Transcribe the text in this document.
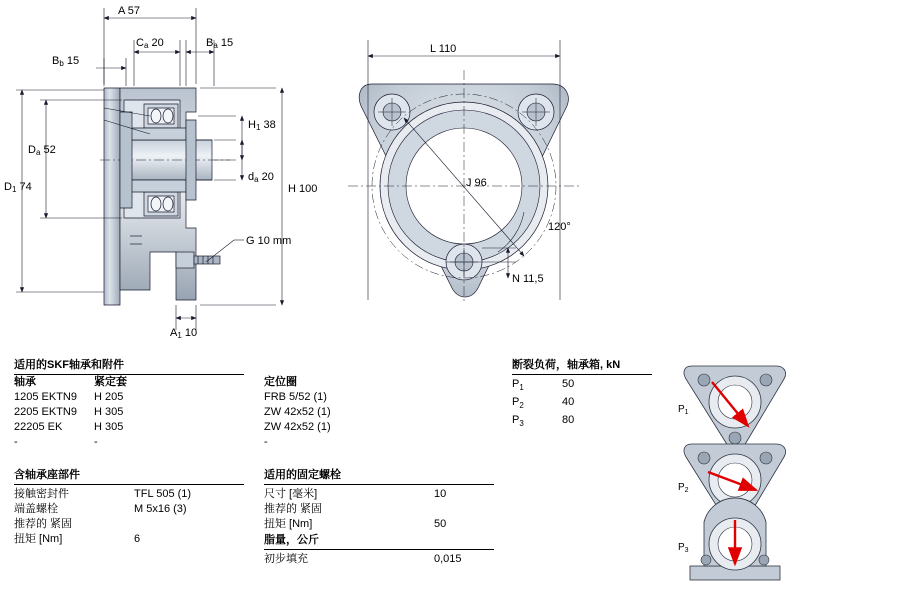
A 57
Ca 20	Ba 15
Bb 15
D1 74
Da 52
H1 38
da 20
H 100
G 10 mm
A1 10
L 110
J 96
N 11,5
120°
适用的SKF轴承和附件
轴承	紧定套	定位圈
1205 EKTN9	H 205	FRB 5/52 (1)
2205 EKTN9	H 305	ZW 42x52 (1)
22205 EK	H 305	ZW 42x52 (1)
-	-	-
含轴承座部件
接触密封件	TFL 505 (1)
端盖螺栓	M 5x16 (3)
推荐的 紧固
扭矩 [Nm]	6
适用的固定螺栓
尺寸 [毫米]	10
推荐的 紧固
扭矩 [Nm]	50
脂量，公斤
初步填充	0,015
断裂负荷，轴承箱, kN
$P_1$	50
$P_2$	40
$P_3$	80
$P_1$
$P_2$
$P_3$
